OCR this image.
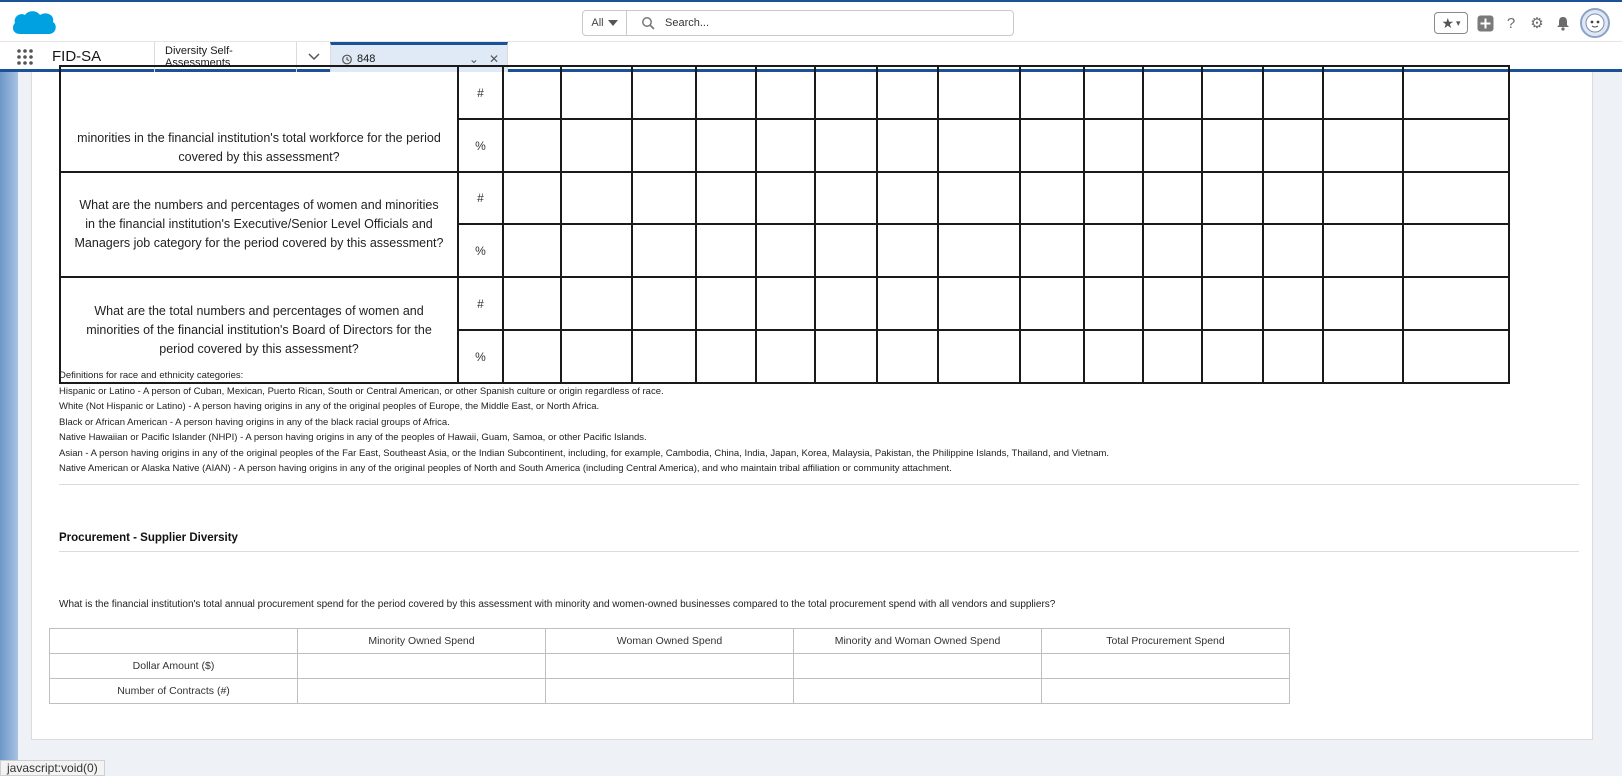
All
Search...	★ ▾	?	⚙
FID-SA	Diversity Self-Assessments	848	⌄ ✕
minorities in the financial institution's total workforce for the period covered by this assessment?	#															
	%															
What are the numbers and percentages of women and minorities in the financial institution's Executive/Senior Level Officials and Managers job category for the period covered by this assessment?	#															
	%															
What are the total numbers and percentages of women and minorities of the financial institution's Board of Directors for the period covered by this assessment?	#															
	%															
Definitions for race and ethnicity categories:
Hispanic or Latino - A person of Cuban, Mexican, Puerto Rican, South or Central American, or other Spanish culture or origin regardless of race.
White (Not Hispanic or Latino) - A person having origins in any of the original peoples of Europe, the Middle East, or North Africa.
Black or African American - A person having origins in any of the black racial groups of Africa.
Native Hawaiian or Pacific Islander (NHPI) - A person having origins in any of the peoples of Hawaii, Guam, Samoa, or other Pacific Islands.
Asian - A person having origins in any of the original peoples of the Far East, Southeast Asia, or the Indian Subcontinent, including, for example, Cambodia, China, India, Japan, Korea, Malaysia, Pakistan, the Philippine Islands, Thailand, and Vietnam.
Native American or Alaska Native (AIAN) - A person having origins in any of the original peoples of North and South America (including Central America), and who maintain tribal affiliation or community attachment.
Procurement - Supplier Diversity
What is the financial institution's total annual procurement spend for the period covered by this assessment with minority and women-owned businesses compared to the total procurement spend with all vendors and suppliers?
	Minority Owned Spend	Woman Owned Spend	Minority and Woman Owned Spend	Total Procurement Spend
Dollar Amount ($)				
Number of Contracts (#)				
javascript:void(0)
